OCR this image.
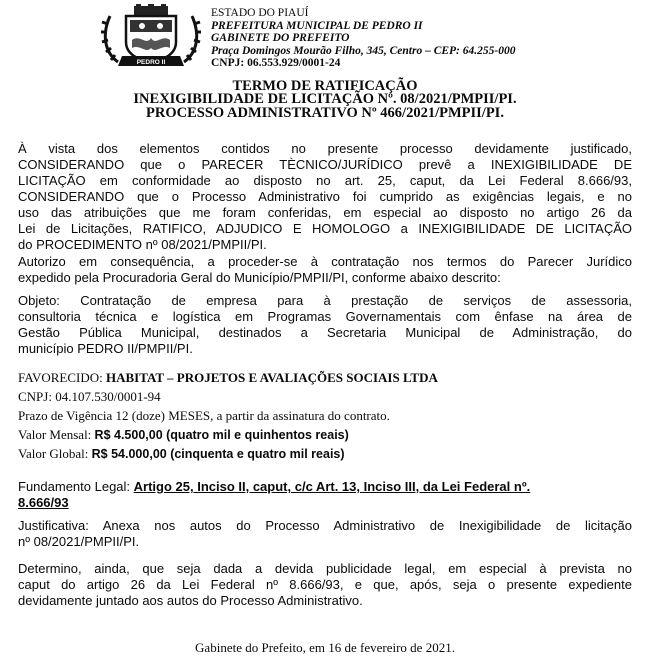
PEDRO II
ESTADO DO PIAUÍ
PREFEITURA MUNICIPAL DE PEDRO II
GABINETE DO PREFEITO
Praça Domingos Mourão Filho, 345, Centro – CEP: 64.255-000
CNPJ: 06.553.929/0001-24
TERMO DE RATIFICAÇÃO
INEXIGIBILIDADE DE LICITAÇÃO Nº. 08/2021/PMPII/PI.
PROCESSO ADMINISTRATIVO Nº 466/2021/PMPII/PI.
À vista dos elementos contidos no presente processo devidamente justificado,
CONSIDERANDO que o PARECER TÈCNICO/JURÍDICO prevê a INEXIGIBILIDADE DE
LICITAÇÃO em conformidade ao disposto no art. 25, caput, da Lei Federal 8.666/93,
CONSIDERANDO que o Processo Administrativo foi cumprido as exigências legais, e no
uso das atribuições que me foram conferidas, em especial ao disposto no artigo 26 da
Lei de Licitações, RATIFICO, ADJUDICO E HOMOLOGO a INEXIGIBILIDADE DE LICITAÇÃO
do PROCEDIMENTO nº 08/2021/PMPII/PI.
Autorizo em consequência, a proceder-se à contratação nos termos do Parecer Jurídico
expedido pela Procuradoria Geral do Município/PMPII/PI, conforme abaixo descrito:
Objeto: Contratação de empresa para à prestação de serviços de assessoria,
consultoria técnica e logística em Programas Governamentais com ênfase na área de
Gestão Pública Municipal, destinados a Secretaria Municipal de Administração, do
município PEDRO II/PMPII/PI.
FAVORECIDO: HABITAT – PROJETOS E AVALIAÇÕES SOCIAIS LTDA
CNPJ: 04.107.530/0001-94
Prazo de Vigência 12 (doze) MESES, a partir da assinatura do contrato.
Valor Mensal: R$ 4.500,00 (quatro mil e quinhentos reais)
Valor Global: R$ 54.000,00 (cinquenta e quatro mil reais)
Fundamento Legal: Artigo 25, Inciso II, caput, c/c Art. 13, Inciso III, da Lei Federal nº.
8.666/93
Justificativa: Anexa nos autos do Processo Administrativo de Inexigibilidade de licitação
nº 08/2021/PMPII/PI.
Determino, ainda, que seja dada a devida publicidade legal, em especial à prevista no
caput do artigo 26 da Lei Federal nº 8.666/93, e que, após, seja o presente expediente
devidamente juntado aos autos do Processo Administrativo.
Gabinete do Prefeito, em 16 de fevereiro de 2021.
